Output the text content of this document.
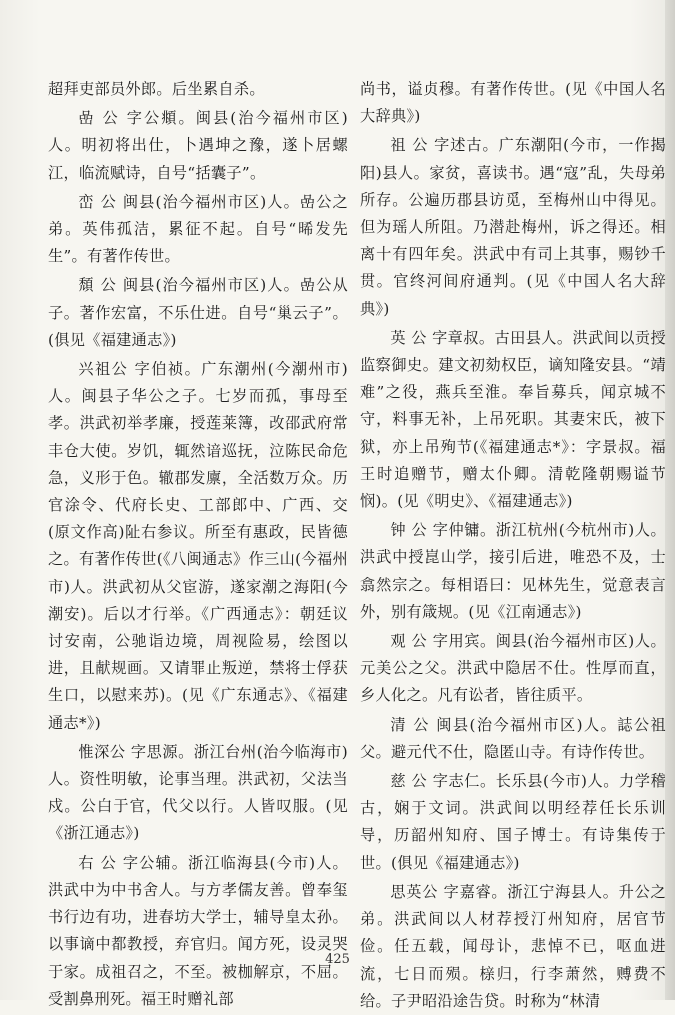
超拜吏部员外郎。后坐累自杀。

嵒 公 字公頫。闽县(治今福州市区)人。明初将出仕，卜遇坤之豫，遂卜居螺江，临流赋诗，自号“括囊子”。

峦 公 闽县(治今福州市区)人。嵒公之弟。英伟孤洁，累征不起。自号“晞发先生”。有著作传世。

頹 公 闽县(治今福州市区)人。嵒公从子。著作宏富，不乐仕进。自号“巢云子”。(俱见《福建通志》)

兴祖公 字伯祯。广东潮州(今潮州市)人。闽县子华公之子。七岁而孤，事母至孝。洪武初举孝廉，授莲莱簿，改邵武府常丰仓大使。岁饥，辄然谙巡抚，泣陈民命危急，义形于色。辙郡发廪，全活数万众。历官涂令、代府长史、工部郎中、广西、交(原文作高)阯右参议。所至有惠政，民皆德之。有著作传世(《八闽通志》作三山(今福州市)人。洪武初从父宦游，遂家潮之海阳(今潮安)。后以才行举。《广西通志》：朝廷议讨安南，公驰诣边境，周视险易，绘图以进，且献规画。又请罪止叛逆，禁将士俘获生口，以慰来苏)。(见《广东通志》、《福建通志*》)

惟深公 字思源。浙江台州(治今临海市)人。资性明敏，论事当理。洪武初，父法当戍。公白于官，代父以行。人皆叹服。(见《浙江通志》)

右 公 字公辅。浙江临海县(今市)人。洪武中为中书舍人。与方孝儒友善。曾奉玺书行边有功，进春坊大学士，辅导皇太孙。以事谪中都教授，弃官归。闻方死，设灵哭于家。成祖召之，不至。被枷解京，不屈。受割鼻刑死。福王时赠礼部

尚书，谥贞穆。有著作传世。(见《中国人名大辞典》)

祖 公 字述古。广东潮阳(今市，一作揭阳)县人。家贫，喜读书。遇“寇”乱，失母弟所存。公遍历郡县访觅，至梅州山中得见。但为瑶人所阻。乃潜赴梅州，诉之得还。相离十有四年矣。洪武中有司上其事，赐钞千贯。官终河间府通判。(见《中国人名大辞典》)

英 公 字章叔。古田县人。洪武间以贡授监察御史。建文初劾权臣，谪知隆安县。“靖难”之役，燕兵至淮。奉旨募兵，闻京城不守，料事无补，上吊死职。其妻宋氏，被下狱，亦上吊殉节(《福建通志*》：字景叔。福王时追赠节，赠太仆卿。清乾隆朝赐谥节悯)。(见《明史》、《福建通志》)

钟 公 字仲镛。浙江杭州(今杭州市)人。洪武中授崑山学，接引后进，唯恐不及，士翕然宗之。每相语曰：见林先生，觉意表言外，别有箴规。(见《江南通志》)

观 公 字用宾。闽县(治今福州市区)人。元美公之父。洪武中隐居不仕。性厚而直，乡人化之。凡有讼者，皆往质平。

清 公 闽县(治今福州市区)人。誌公祖父。避元代不仕，隐匿山寺。有诗作传世。

慈 公 字志仁。长乐县(今市)人。力学稽古，娴于文词。洪武间以明经荐任长乐训导，历韶州知府、国子博士。有诗集传于世。(俱见《福建通志》)

思英公 字嘉睿。浙江宁海县人。升公之弟。洪武间以人材荐授汀州知府，居官节俭。任五载，闻母讣，悲悼不已，呕血进流，七日而殒。榇归，行李萧然，赙费不给。子尹昭沿途告贷。时称为“林清

425
